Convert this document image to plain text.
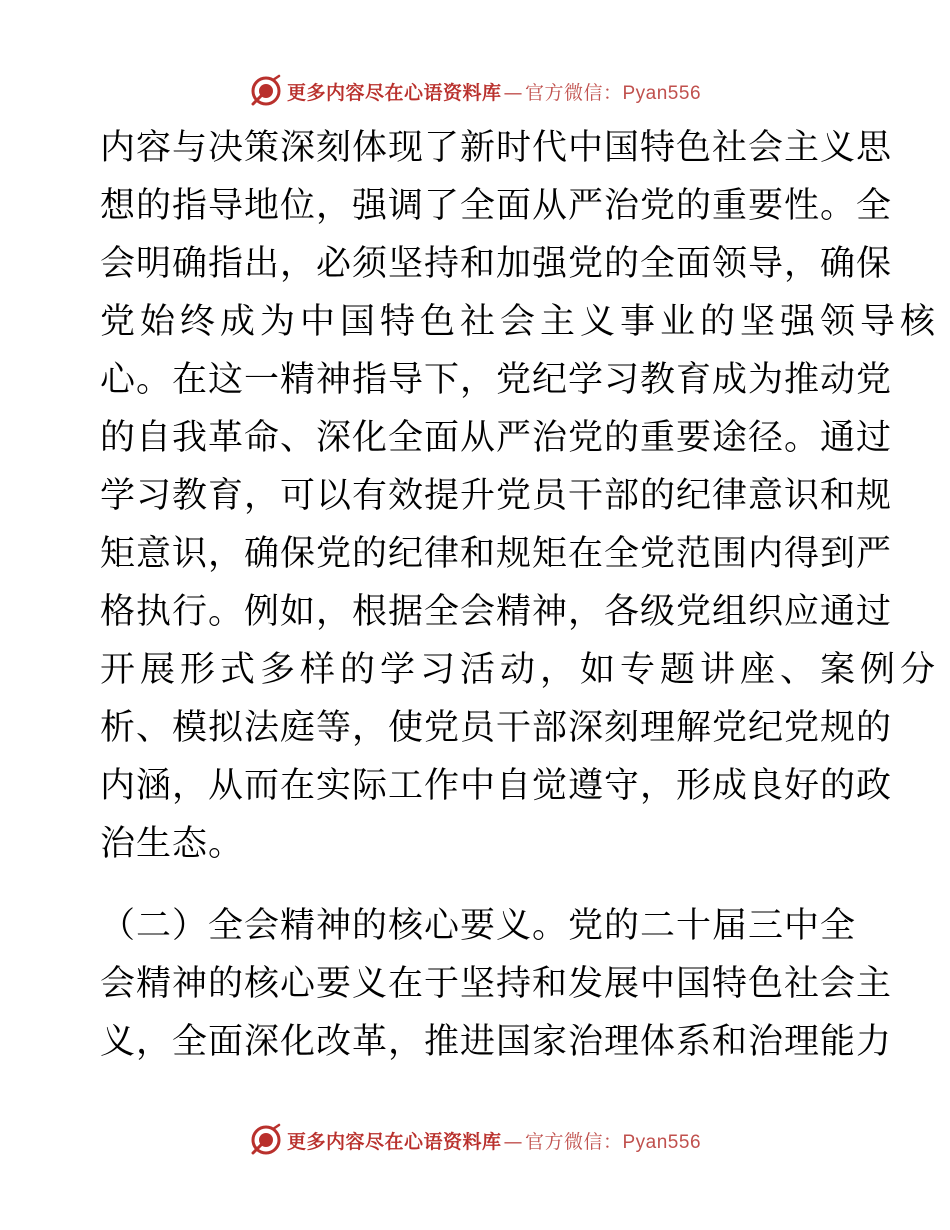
更多内容尽在心语资料库 — 官方微信：Pyan556
内容与决策深刻体现了新时代中国特色社会主义思
想的指导地位，强调了全面从严治党的重要性。全
会明确指出，必须坚持和加强党的全面领导，确保
党始终成为中国特色社会主义事业的坚强领导核
心。在这一精神指导下，党纪学习教育成为推动党
的自我革命、深化全面从严治党的重要途径。通过
学习教育，可以有效提升党员干部的纪律意识和规
矩意识，确保党的纪律和规矩在全党范围内得到严
格执行。例如，根据全会精神，各级党组织应通过
开展形式多样的学习活动，如专题讲座、案例分
析、模拟法庭等，使党员干部深刻理解党纪党规的
内涵，从而在实际工作中自觉遵守，形成良好的政
治生态。
（二）全会精神的核心要义。党的二十届三中全
会精神的核心要义在于坚持和发展中国特色社会主
义，全面深化改革，推进国家治理体系和治理能力
更多内容尽在心语资料库 — 官方微信：Pyan556
